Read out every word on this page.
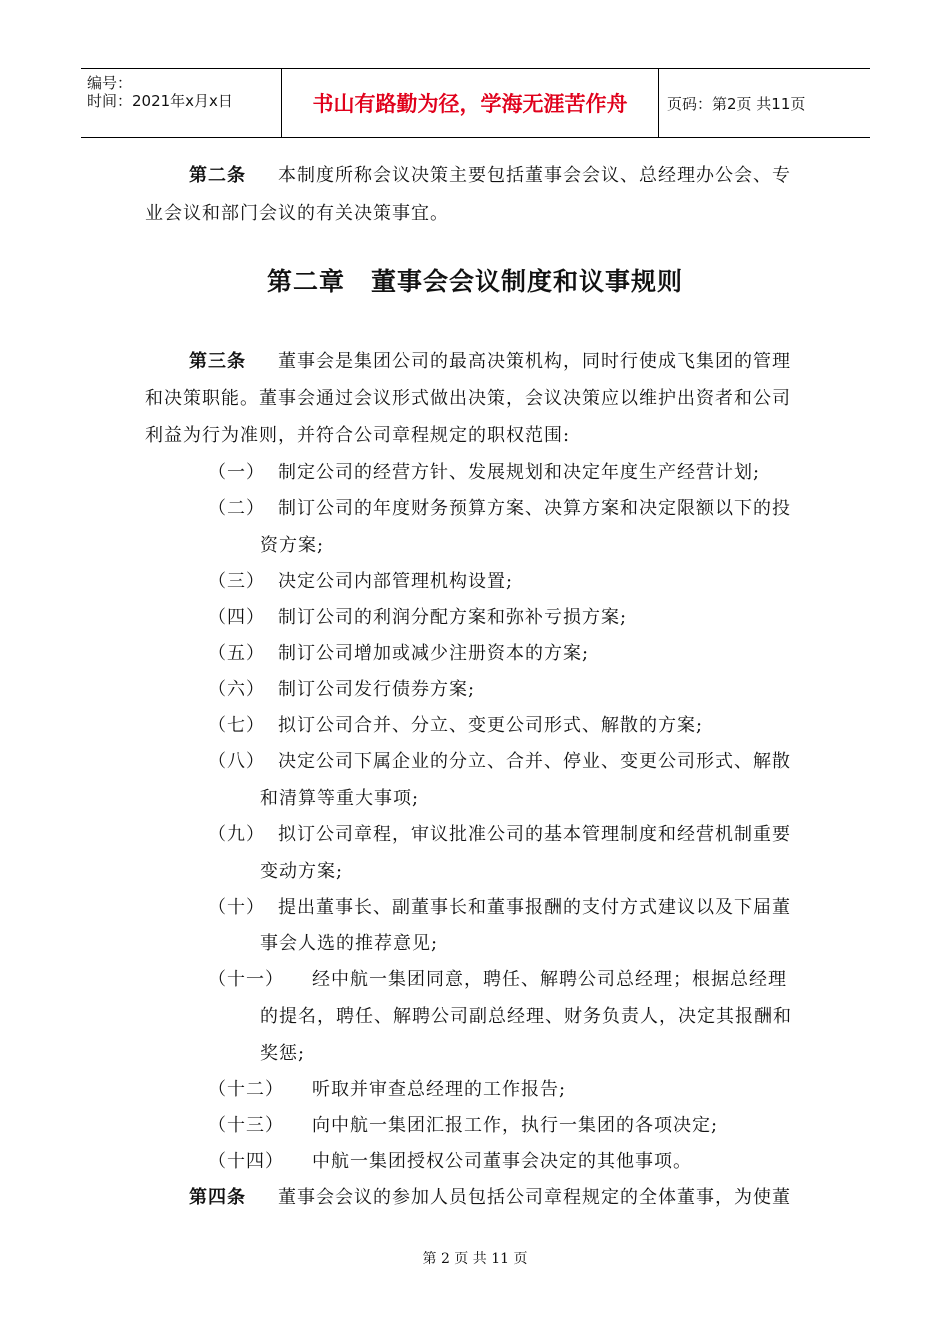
编号：
时间：2021年x月x日	书山有路勤为径，学海无涯苦作舟	页码：第2页 共11页
第二条 本制度所称会议决策主要包括董事会会议、总经理办公会、专
业会议和部门会议的有关决策事宜。
第二章　董事会会议制度和议事规则
第三条 董事会是集团公司的最高决策机构，同时行使成飞集团的管理
和决策职能。董事会通过会议形式做出决策，会议决策应以维护出资者和公司
利益为行为准则，并符合公司章程规定的职权范围:
（一） 制定公司的经营方针、发展规划和决定年度生产经营计划;
（二） 制订公司的年度财务预算方案、决算方案和决定限额以下的投
资方案;
（三） 决定公司内部管理机构设置;
（四） 制订公司的利润分配方案和弥补亏损方案;
（五） 制订公司增加或减少注册资本的方案;
（六） 制订公司发行债券方案;
（七） 拟订公司合并、分立、变更公司形式、解散的方案;
（八） 决定公司下属企业的分立、合并、停业、变更公司形式、解散
和清算等重大事项;
（九） 拟订公司章程，审议批准公司的基本管理制度和经营机制重要
变动方案;
（十） 提出董事长、副董事长和董事报酬的支付方式建议以及下届董
事会人选的推荐意见;
（十一） 经中航一集团同意，聘任、解聘公司总经理；根据总经理
的提名，聘任、解聘公司副总经理、财务负责人，决定其报酬和
奖惩;
（十二） 听取并审查总经理的工作报告;
（十三） 向中航一集团汇报工作，执行一集团的各项决定;
（十四） 中航一集团授权公司董事会决定的其他事项。
第四条 董事会会议的参加人员包括公司章程规定的全体董事，为使董
第 2 页 共 11 页
